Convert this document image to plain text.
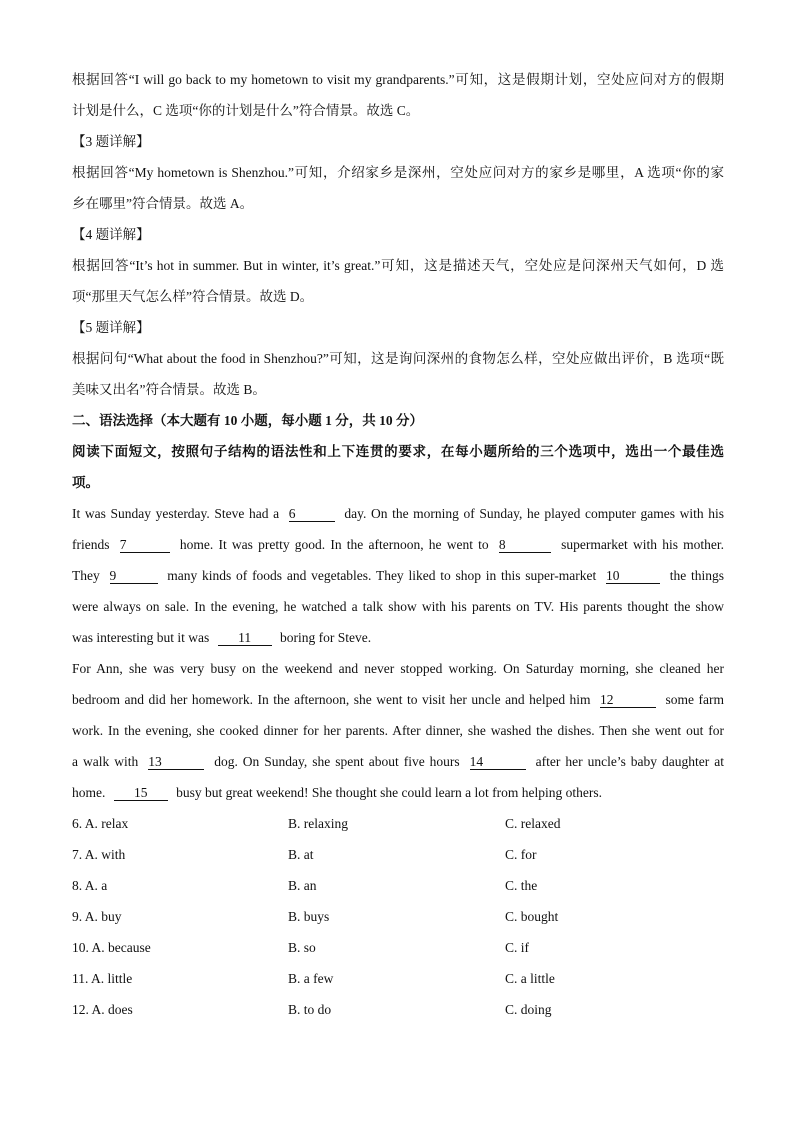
根据回答“I will go back to my hometown to visit my grandparents.”可知，这是假期计划，空处应问对方的假期
计划是什么，C 选项“你的计划是什么”符合情景。故选 C。
【3 题详解】
根据回答“My hometown is Shenzhou.”可知，介绍家乡是深州，空处应问对方的家乡是哪里，A 选项“你的家
乡在哪里”符合情景。故选 A。
【4 题详解】
根据回答“It’s hot in summer. But in winter, it’s great.”可知，这是描述天气，空处应是问深州天气如何，D 选
项“那里天气怎么样”符合情景。故选 D。
【5 题详解】
根据问句“What about the food in Shenzhou?”可知，这是询问深州的食物怎么样，空处应做出评价，B 选项“既
美味又出名”符合情景。故选 B。
二、语法选择（本大题有 10 小题，每小题 1 分，共 10 分）
阅读下面短文，按照句子结构的语法性和上下连贯的要求，在每小题所给的三个选项中，选出一个最佳选
项。
It was Sunday yesterday. Steve had a 6	day. On the morning of Sunday, he played computer games with his
friends 7	home. It was pretty good. In the afternoon, he went to 8	supermarket with his mother.
They 9	many kinds of foods and vegetables. They liked to shop in this super-market 10	the things
were always on sale. In the evening, he watched a talk show with his parents on TV. His parents thought the show
was interesting but it was 11 boring for Steve.
For Ann, she was very busy on the weekend and never stopped working. On Saturday morning, she cleaned her
bedroom and did her homework. In the afternoon, she went to visit her uncle and helped him 12	some farm
work. In the evening, she cooked dinner for her parents. After dinner, she washed the dishes. Then she went out for
a walk with 13	dog. On Sunday, she spent about five hours 14	after her uncle’s baby daughter at
home. 15 busy but great weekend! She thought she could learn a lot from helping others.
6. A. relax	B. relaxing	C. relaxed
7. A. with	B. at	C. for
8. A. a	B. an	C. the
9. A. buy	B. buys	C. bought
10. A. because	B. so	C. if
11. A. little	B. a few	C. a little
12. A. does	B. to do	C. doing
